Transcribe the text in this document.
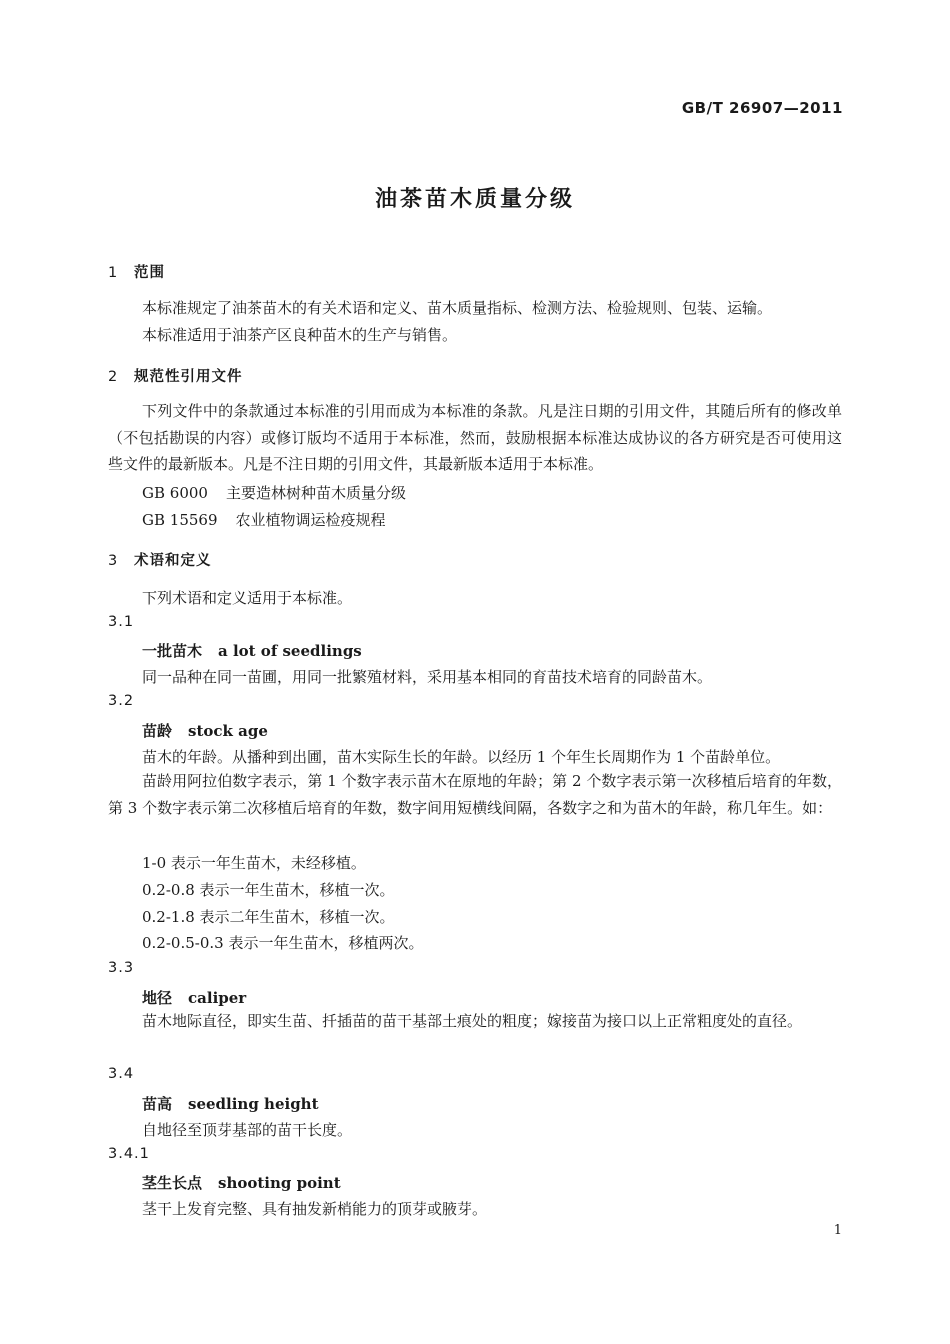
GB/T 26907—2011
油茶苗木质量分级
1 范围
本标准规定了油茶苗木的有关术语和定义、苗木质量指标、检测方法、检验规则、包装、运输。
本标准适用于油茶产区良种苗木的生产与销售。
2 规范性引用文件
下列文件中的条款通过本标准的引用而成为本标准的条款。凡是注日期的引用文件，其随后所有的修改单（不包括勘误的内容）或修订版均不适用于本标准，然而，鼓励根据本标准达成协议的各方研究是否可使用这些文件的最新版本。凡是不注日期的引用文件，其最新版本适用于本标准。
GB 6000 主要造林树种苗木质量分级
GB 15569 农业植物调运检疫规程
3 术语和定义
下列术语和定义适用于本标准。
3.1
一批苗木 a lot of seedlings
同一品种在同一苗圃，用同一批繁殖材料，采用基本相同的育苗技术培育的同龄苗木。
3.2
苗龄 stock age
苗木的年龄。从播种到出圃，苗木实际生长的年龄。以经历 1 个年生长周期作为 1 个苗龄单位。
苗龄用阿拉伯数字表示，第 1 个数字表示苗木在原地的年龄；第 2 个数字表示第一次移植后培育的年数，第 3 个数字表示第二次移植后培育的年数，数字间用短横线间隔，各数字之和为苗木的年龄，称几年生。如：
1-0 表示一年生苗木，未经移植。
0.2-0.8 表示一年生苗木，移植一次。
0.2-1.8 表示二年生苗木，移植一次。
0.2-0.5-0.3 表示一年生苗木，移植两次。
3.3
地径 caliper
苗木地际直径，即实生苗、扦插苗的苗干基部土痕处的粗度；嫁接苗为接口以上正常粗度处的直径。
3.4
苗高 seedling height
自地径至顶芽基部的苗干长度。
3.4.1
茎生长点 shooting point
茎干上发育完整、具有抽发新梢能力的顶芽或腋芽。
1
